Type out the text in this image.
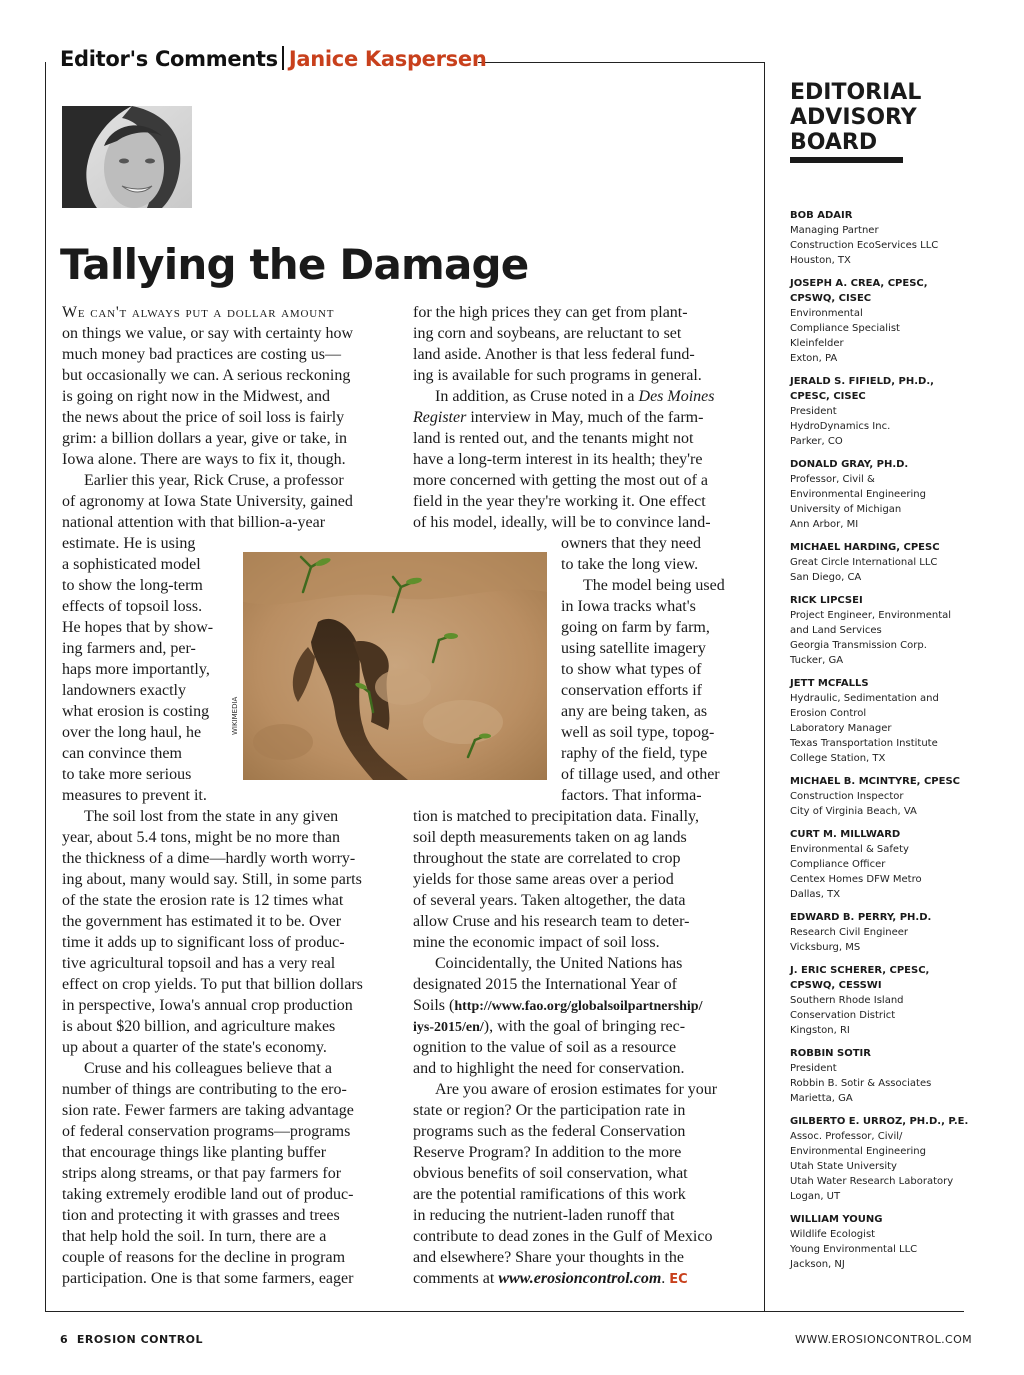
Editor's Comments Janice Kaspersen
Tallying the Damage
We can't always put a dollar amount
on things we value, or say with certainty how
much money bad practices are costing us—
but occasionally we can. A serious reckoning
is going on right now in the Midwest, and
the news about the price of soil loss is fairly
grim: a billion dollars a year, give or take, in
Iowa alone. There are ways to fix it, though.
Earlier this year, Rick Cruse, a professor
of agronomy at Iowa State University, gained
national attention with that billion-a-year
estimate. He is using
a sophisticated model
to show the long-term
effects of topsoil loss.
He hopes that by show-
ing farmers and, per-
haps more importantly,
landowners exactly
what erosion is costing
over the long haul, he
can convince them
to take more serious
measures to prevent it.
The soil lost from the state in any given
year, about 5.4 tons, might be no more than
the thickness of a dime—hardly worth worry-
ing about, many would say. Still, in some parts
of the state the erosion rate is 12 times what
the government has estimated it to be. Over
time it adds up to significant loss of produc-
tive agricultural topsoil and has a very real
effect on crop yields. To put that billion dollars
in perspective, Iowa's annual crop production
is about $20 billion, and agriculture makes
up about a quarter of the state's economy.
Cruse and his colleagues believe that a
number of things are contributing to the ero-
sion rate. Fewer farmers are taking advantage
of federal conservation programs—programs
that encourage things like planting buffer
strips along streams, or that pay farmers for
taking extremely erodible land out of produc-
tion and protecting it with grasses and trees
that help hold the soil. In turn, there are a
couple of reasons for the decline in program
participation. One is that some farmers, eager
for the high prices they can get from plant-
ing corn and soybeans, are reluctant to set
land aside. Another is that less federal fund-
ing is available for such programs in general.
In addition, as Cruse noted in a Des Moines
Register interview in May, much of the farm-
land is rented out, and the tenants might not
have a long-term interest in its health; they're
more concerned with getting the most out of a
field in the year they're working it. One effect
of his model, ideally, will be to convince land-
owners that they need
to take the long view.
The model being used
in Iowa tracks what's
going on farm by farm,
using satellite imagery
to show what types of
conservation efforts if
any are being taken, as
well as soil type, topog-
raphy of the field, type
of tillage used, and other
factors. That informa-
tion is matched to precipitation data. Finally,
soil depth measurements taken on ag lands
throughout the state are correlated to crop
yields for those same areas over a period
of several years. Taken altogether, the data
allow Cruse and his research team to deter-
mine the economic impact of soil loss.
Coincidentally, the United Nations has
designated 2015 the International Year of
Soils (http://www.fao.org/globalsoilpartnership/
iys-2015/en/), with the goal of bringing rec-
ognition to the value of soil as a resource
and to highlight the need for conservation.
Are you aware of erosion estimates for your
state or region? Or the participation rate in
programs such as the federal Conservation
Reserve Program? In addition to the more
obvious benefits of soil conservation, what
are the potential ramifications of this work
in reducing the nutrient-laden runoff that
contribute to dead zones in the Gulf of Mexico
and elsewhere? Share your thoughts in the
comments at www.erosioncontrol.com. EC
WIKIMEDIA
EDITORIAL
ADVISORY
BOARD
BOB ADAIR
Managing Partner
Construction EcoServices LLC
Houston, TX
JOSEPH A. CREA, CPESC,
CPSWQ, CISEC
Environmental
Compliance Specialist
Kleinfelder
Exton, PA
JERALD S. FIFIELD, PH.D.,
CPESC, CISEC
President
HydroDynamics Inc.
Parker, CO
DONALD GRAY, PH.D.
Professor, Civil &
Environmental Engineering
University of Michigan
Ann Arbor, MI
MICHAEL HARDING, CPESC
Great Circle International LLC
San Diego, CA
RICK LIPCSEI
Project Engineer, Environmental
and Land Services
Georgia Transmission Corp.
Tucker, GA
JETT MCFALLS
Hydraulic, Sedimentation and
Erosion Control
Laboratory Manager
Texas Transportation Institute
College Station, TX
MICHAEL B. MCINTYRE, CPESC
Construction Inspector
City of Virginia Beach, VA
CURT M. MILLWARD
Environmental & Safety
Compliance Officer
Centex Homes DFW Metro
Dallas, TX
EDWARD B. PERRY, PH.D.
Research Civil Engineer
Vicksburg, MS
J. ERIC SCHERER, CPESC,
CPSWQ, CESSWI
Southern Rhode Island
Conservation District
Kingston, RI
ROBBIN SOTIR
President
Robbin B. Sotir & Associates
Marietta, GA
GILBERTO E. URROZ, PH.D., P.E.
Assoc. Professor, Civil/
Environmental Engineering
Utah State University
Utah Water Research Laboratory
Logan, UT
WILLIAM YOUNG
Wildlife Ecologist
Young Environmental LLC
Jackson, NJ
6 EROSION CONTROL	WWW.EROSIONCONTROL.COM
